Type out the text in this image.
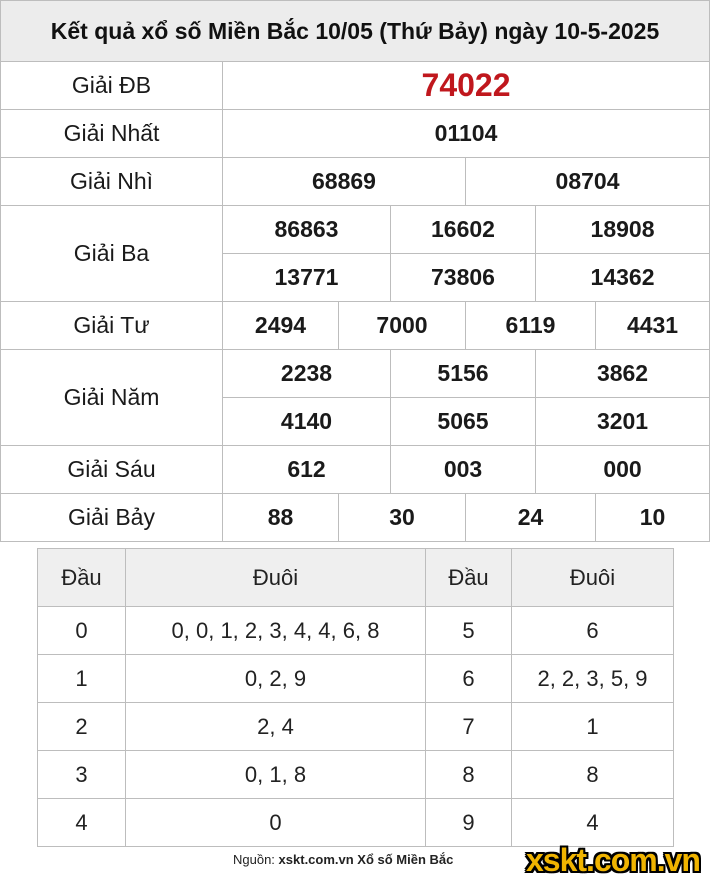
Kết quả xổ số Miền Bắc 10/05 (Thứ Bảy) ngày 10-5-2025						
Giải ĐB	74022					
Giải Nhất	01104					
Giải Nhì	68869			08704		
Giải Ba	86863		16602		18908	
	13771		73806		14362	
Giải Tư	2494	7000		6119		4431
Giải Năm	2238		5156		3862	
	4140		5065		3201	
Giải Sáu	612		003		000	
Giải Bảy	88	30		24		10
Đầu	Đuôi	Đầu	Đuôi
0	0, 0, 1, 2, 3, 4, 4, 6, 8	5	6
1	0, 2, 9	6	2, 2, 3, 5, 9
2	2, 4	7	1
3	0, 1, 8	8	8
4	0	9	4
Nguồn: xskt.com.vn Xổ số Miền Bắc xskt.com.vn
